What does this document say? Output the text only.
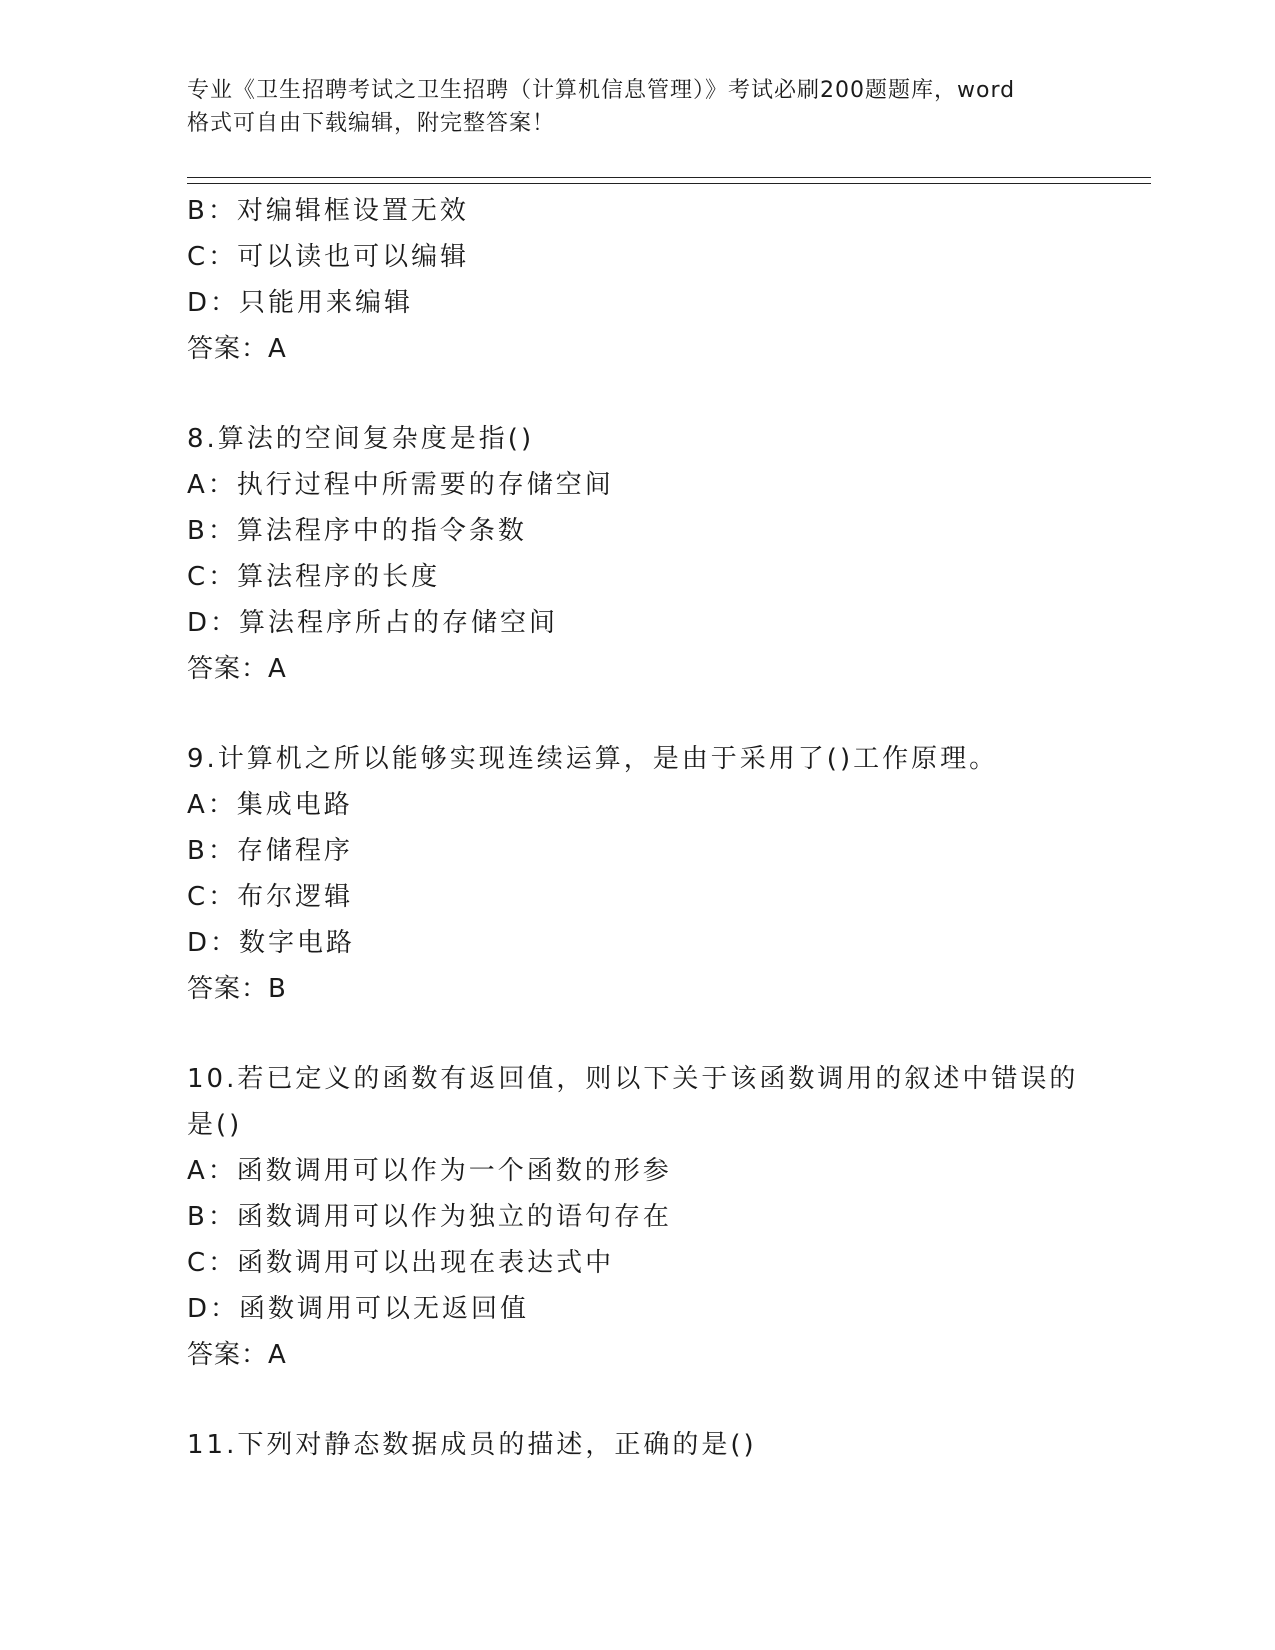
专业《卫生招聘考试之卫生招聘（计算机信息管理）》考试必刷200题题库，word
格式可自由下载编辑，附完整答案！
B：对编辑框设置无效
C：可以读也可以编辑
D：只能用来编辑
答案：A
8.算法的空间复杂度是指()
A：执行过程中所需要的存储空间
B：算法程序中的指令条数
C：算法程序的长度
D：算法程序所占的存储空间
答案：A
9.计算机之所以能够实现连续运算，是由于采用了()工作原理。
A：集成电路
B：存储程序
C：布尔逻辑
D：数字电路
答案：B
10.若已定义的函数有返回值，则以下关于该函数调用的叙述中错误的
是()
A：函数调用可以作为一个函数的形参
B：函数调用可以作为独立的语句存在
C：函数调用可以出现在表达式中
D：函数调用可以无返回值
答案：A
11.下列对静态数据成员的描述，正确的是()
